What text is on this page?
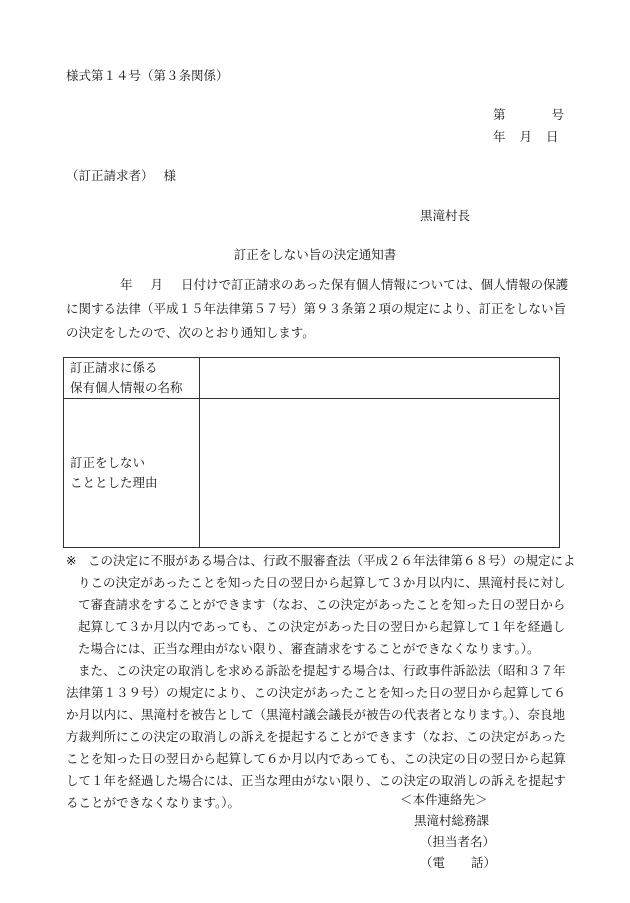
様式第１４号（第３条関係）
第	号
年 月 日
（訂正請求者） 様
黒滝村長
訂正をしない旨の決定通知書
年 月 日付けで訂正請求のあった保有個人情報については、個人情報の保護に関する法律（平成１５年法律第５７号）第９３条第２項の規定により、訂正をしない旨の決定をしたので、次のとおり通知します。
訂正請求に係る
保有個人情報の名称	

訂正をしない
こととした理由	

※ この決定に不服がある場合は、行政不服審査法（平成２６年法律第６８号）の規定によりこの決定があったことを知った日の翌日から起算して３か月以内に、黒滝村長に対して審査請求をすることができます（なお、この決定があったことを知った日の翌日から起算して３か月以内であっても、この決定があった日の翌日から起算して１年を経過した場合には、正当な理由がない限り、審査請求をすることができなくなります。）。

また、この決定の取消しを求める訴訟を提起する場合は、行政事件訴訟法（昭和３７年法律第１３９号）の規定により、この決定があったことを知った日の翌日から起算して６か月以内に、黒滝村を被告として（黒滝村議会議長が被告の代表者となります。）、奈良地方裁判所にこの決定の取消しの訴えを提起することができます（なお、この決定があったことを知った日の翌日から起算して６か月以内であっても、この決定の日の翌日から起算して１年を経過した場合には、正当な理由がない限り、この決定の取消しの訴えを提起することができなくなります。）。	＜本件連絡先＞
黒滝村総務課
（担当者名）
（電 話）
